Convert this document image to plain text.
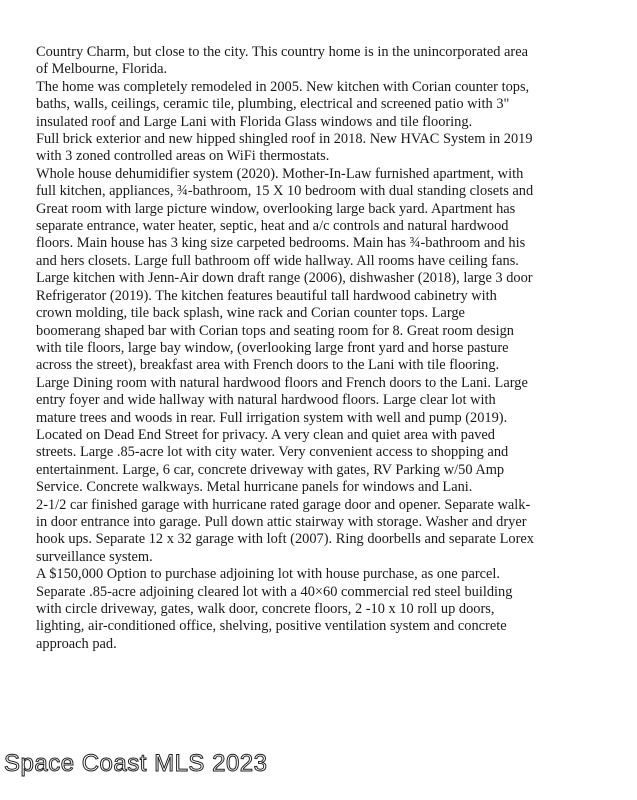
Country Charm, but close to the city. This country home is in the unincorporated area
of Melbourne, Florida.
The home was completely remodeled in 2005. New kitchen with Corian counter tops,
baths, walls, ceilings, ceramic tile, plumbing, electrical and screened patio with 3"
insulated roof and Large Lani with Florida Glass windows and tile flooring.
Full brick exterior and new hipped shingled roof in 2018. New HVAC System in 2019
with 3 zoned controlled areas on WiFi thermostats.
Whole house dehumidifier system (2020). Mother-In-Law furnished apartment, with
full kitchen, appliances, ¾-bathroom, 15 X 10 bedroom with dual standing closets and
Great room with large picture window, overlooking large back yard. Apartment has
separate entrance, water heater, septic, heat and a/c controls and natural hardwood
floors. Main house has 3 king size carpeted bedrooms. Main has ¾-bathroom and his
and hers closets. Large full bathroom off wide hallway. All rooms have ceiling fans.
Large kitchen with Jenn-Air down draft range (2006), dishwasher (2018), large 3 door
Refrigerator (2019). The kitchen features beautiful tall hardwood cabinetry with
crown molding, tile back splash, wine rack and Corian counter tops. Large
boomerang shaped bar with Corian tops and seating room for 8. Great room design
with tile floors, large bay window, (overlooking large front yard and horse pasture
across the street), breakfast area with French doors to the Lani with tile flooring.
Large Dining room with natural hardwood floors and French doors to the Lani. Large
entry foyer and wide hallway with natural hardwood floors. Large clear lot with
mature trees and woods in rear. Full irrigation system with well and pump (2019).
Located on Dead End Street for privacy. A very clean and quiet area with paved
streets. Large .85-acre lot with city water. Very convenient access to shopping and
entertainment. Large, 6 car, concrete driveway with gates, RV Parking w/50 Amp
Service. Concrete walkways. Metal hurricane panels for windows and Lani.
2-1/2 car finished garage with hurricane rated garage door and opener. Separate walk-
in door entrance into garage. Pull down attic stairway with storage. Washer and dryer
hook ups. Separate 12 x 32 garage with loft (2007). Ring doorbells and separate Lorex
surveillance system.
A $150,000 Option to purchase adjoining lot with house purchase, as one parcel.
Separate .85-acre adjoining cleared lot with a 40×60 commercial red steel building
with circle driveway, gates, walk door, concrete floors, 2 -10 x 10 roll up doors,
lighting, air-conditioned office, shelving, positive ventilation system and concrete
approach pad.
Space Coast MLS 2023
